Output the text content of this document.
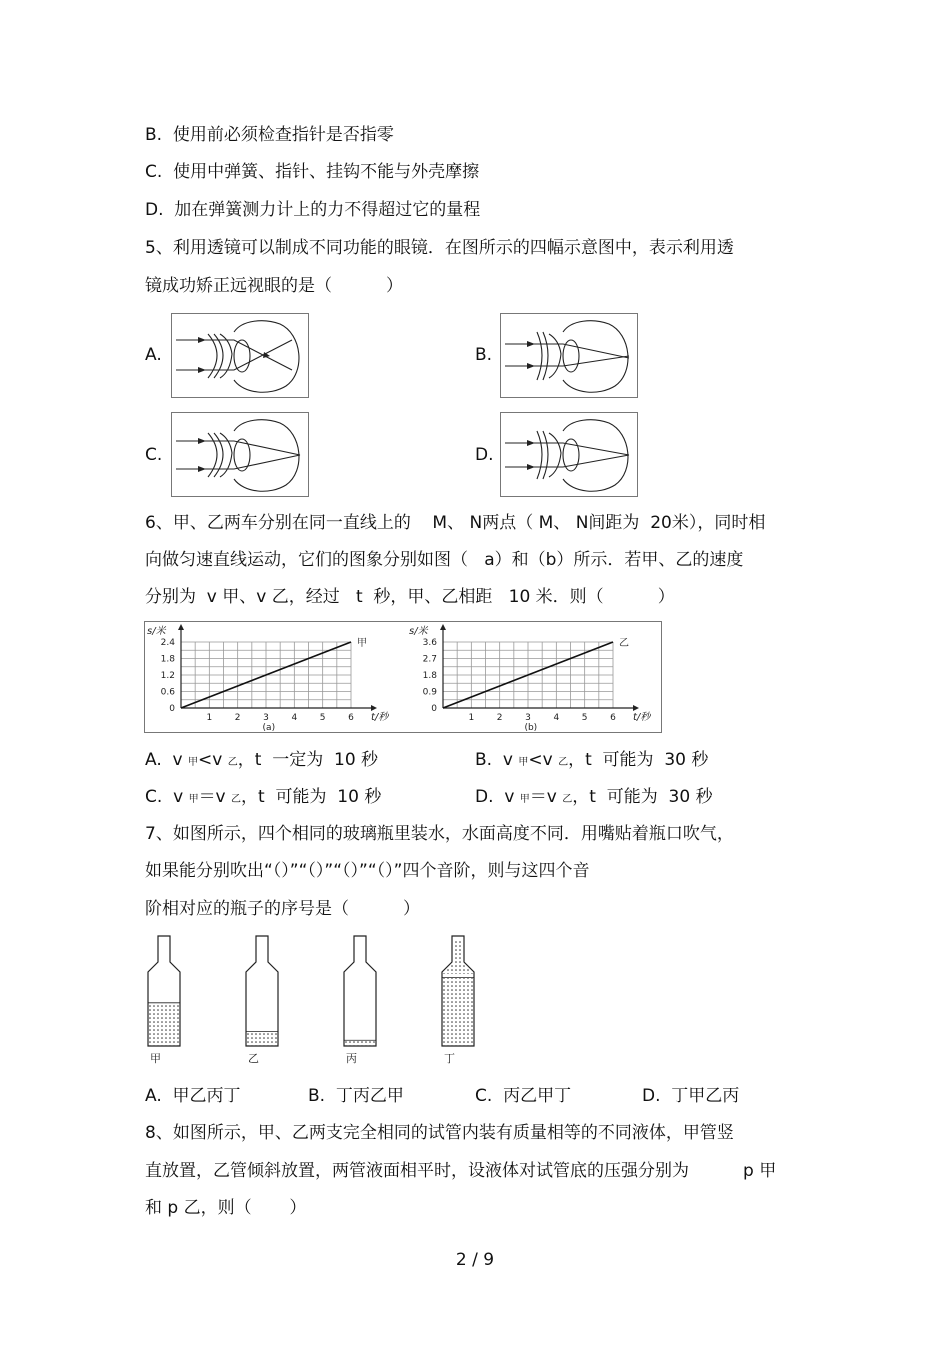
B.  使用前必须检查指针是否指零
C.  使用中弹簧、指针、挂钩不能与外壳摩擦
D.  加在弹簧测力计上的力不得超过它的量程
5、利用透镜可以制成不同功能的眼镜．在图所示的四幅示意图中，表示利用透
镜成功矫正远视眼的是（          ）
A.	B.
C.	D.
6、甲、乙两车分别在同一直线上的    M、 N两点（ M、 N间距为  20米），同时相
向做匀速直线运动，它们的图象分别如图（   a）和（b）所示．若甲、乙的速度
分别为  v 甲、v 乙，经过   t  秒，甲、乙相距   10 米．则（          ）
2.4
1.8
1.2
0.6
0
1	2	3	4	5	6
s/米
t/秒
(a)
甲	3.6
2.7
1.8
0.9
0
1	2	3	4	5	6
s/米
t/秒
(b)
乙
A. v 甲<v 乙，t  一定为  10 秒	B. v 甲<v 乙，t  可能为  30 秒
C. v 甲＝v 乙，t  可能为  10 秒	D. v 甲＝v 乙，t  可能为  30 秒
7、如图所示，四个相同的玻璃瓶里装水，水面高度不同．用嘴贴着瓶口吹气，
如果能分别吹出“（）”“（）”“（）”“（）”四个音阶，则与这四个音
阶相对应的瓶子的序号是（          ）
甲	乙	丙	丁
A.  甲乙丙丁	B.  丁丙乙甲	C.  丙乙甲丁	D.  丁甲乙丙
8、如图所示，甲、乙两支完全相同的试管内装有质量相等的不同液体，甲管竖
直放置，乙管倾斜放置，两管液面相平时，设液体对试管底的压强分别为          p 甲
和 p 乙，则（       ）
2 / 9
